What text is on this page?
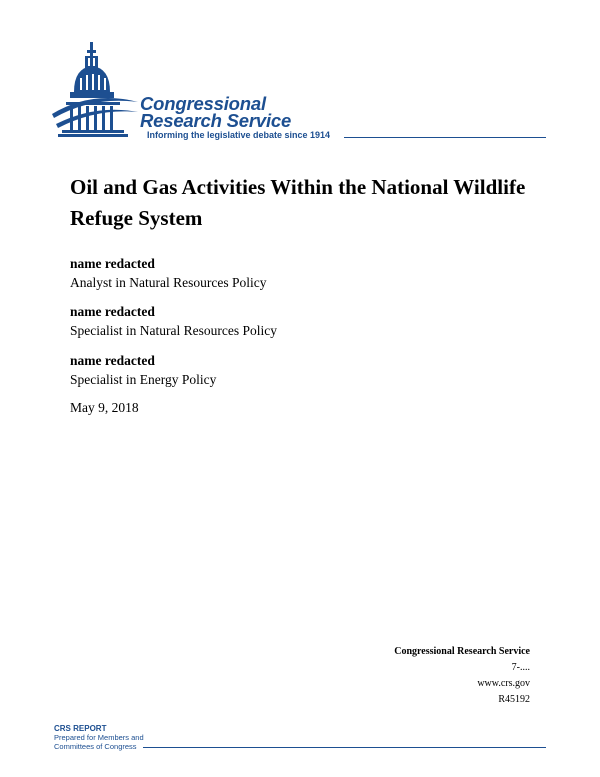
Congressional
Research Service
Informing the legislative debate since 1914
Oil and Gas Activities Within the National Wildlife Refuge System
name redacted
Analyst in Natural Resources Policy
name redacted
Specialist in Natural Resources Policy
name redacted
Specialist in Energy Policy
May 9, 2018
Congressional Research Service
7-....
www.crs.gov
R45192
CRS REPORT
Prepared for Members and
Committees of Congress
